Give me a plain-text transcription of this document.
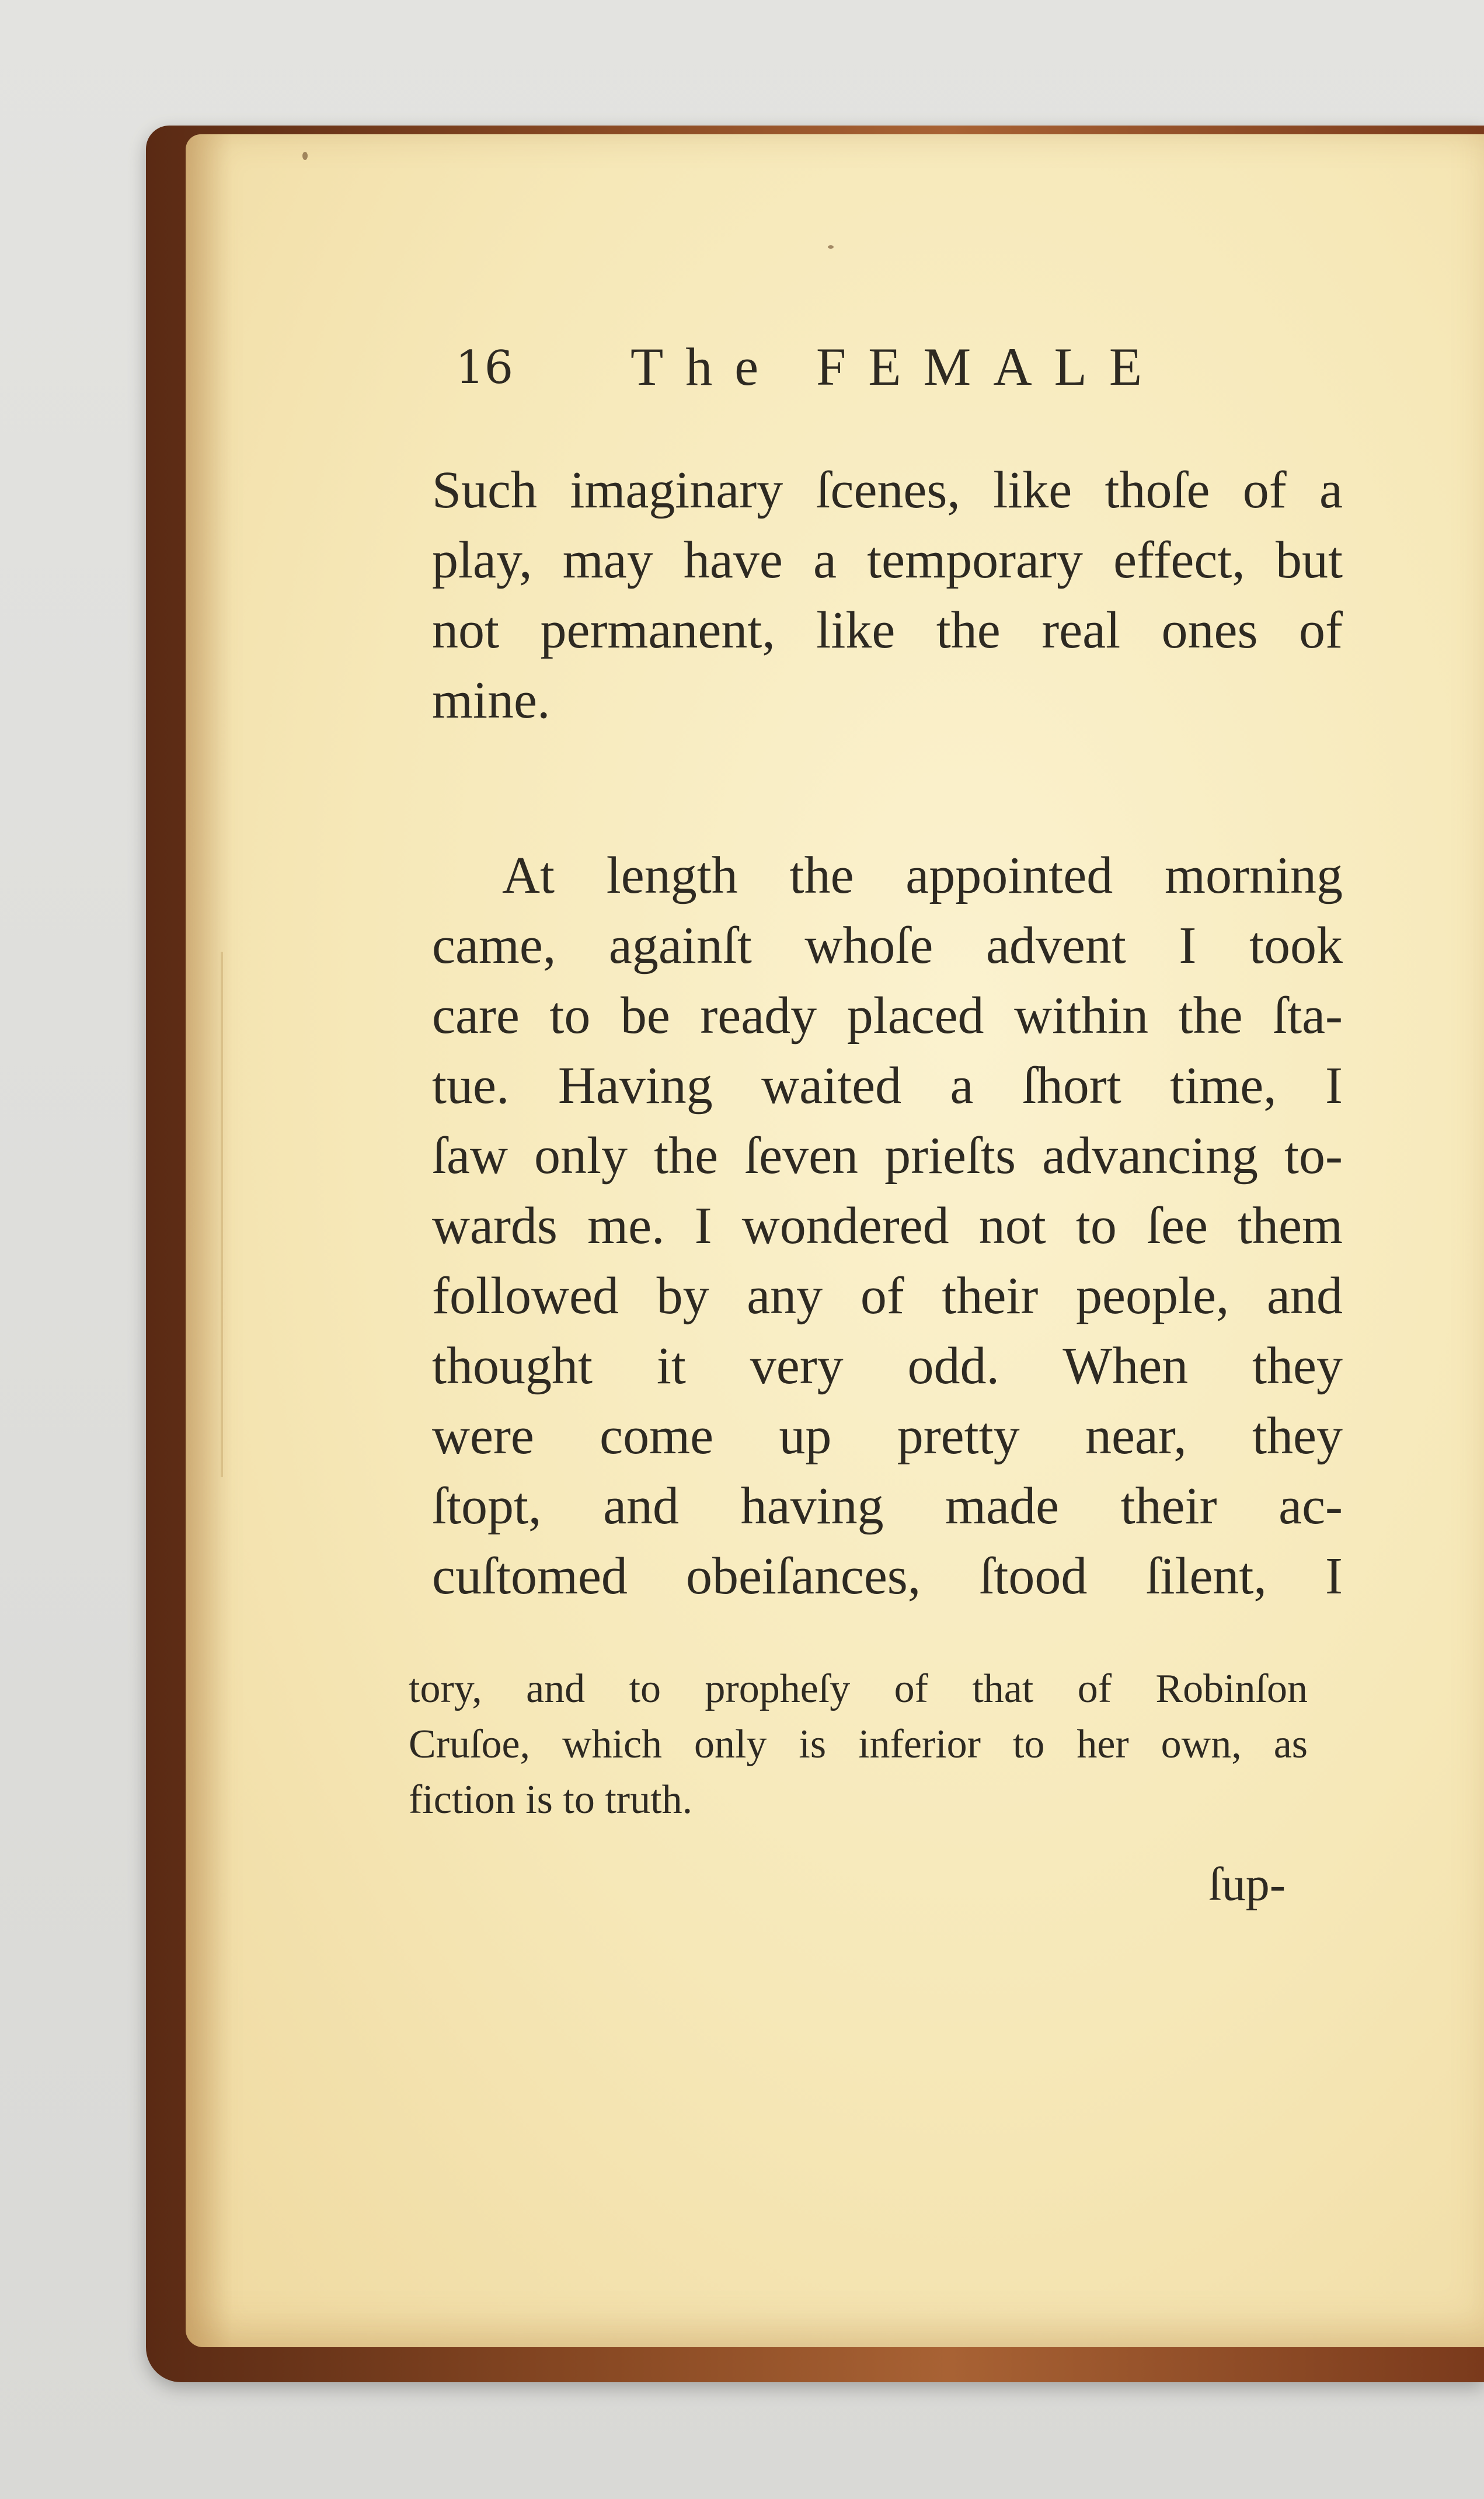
16 The FEMALE
Such imaginary ſcenes, like thoſe of a
play, may have a temporary effect, but
not permanent, like the real ones of
mine.
At length the appointed morning
came, againſt whoſe advent I took
care to be ready placed within the ſta-
tue. Having waited a ſhort time, I
ſaw only the ſeven prieſts advancing to-
wards me. I wondered not to ſee them
followed by any of their people, and
thought it very odd. When they
were come up pretty near, they
ſtopt, and having made their ac-
cuſtomed obeiſances, ſtood ſilent, I
tory, and to propheſy of that of Robinſon
Cruſoe, which only is inferior to her own, as
fiction is to truth.
ſup-
